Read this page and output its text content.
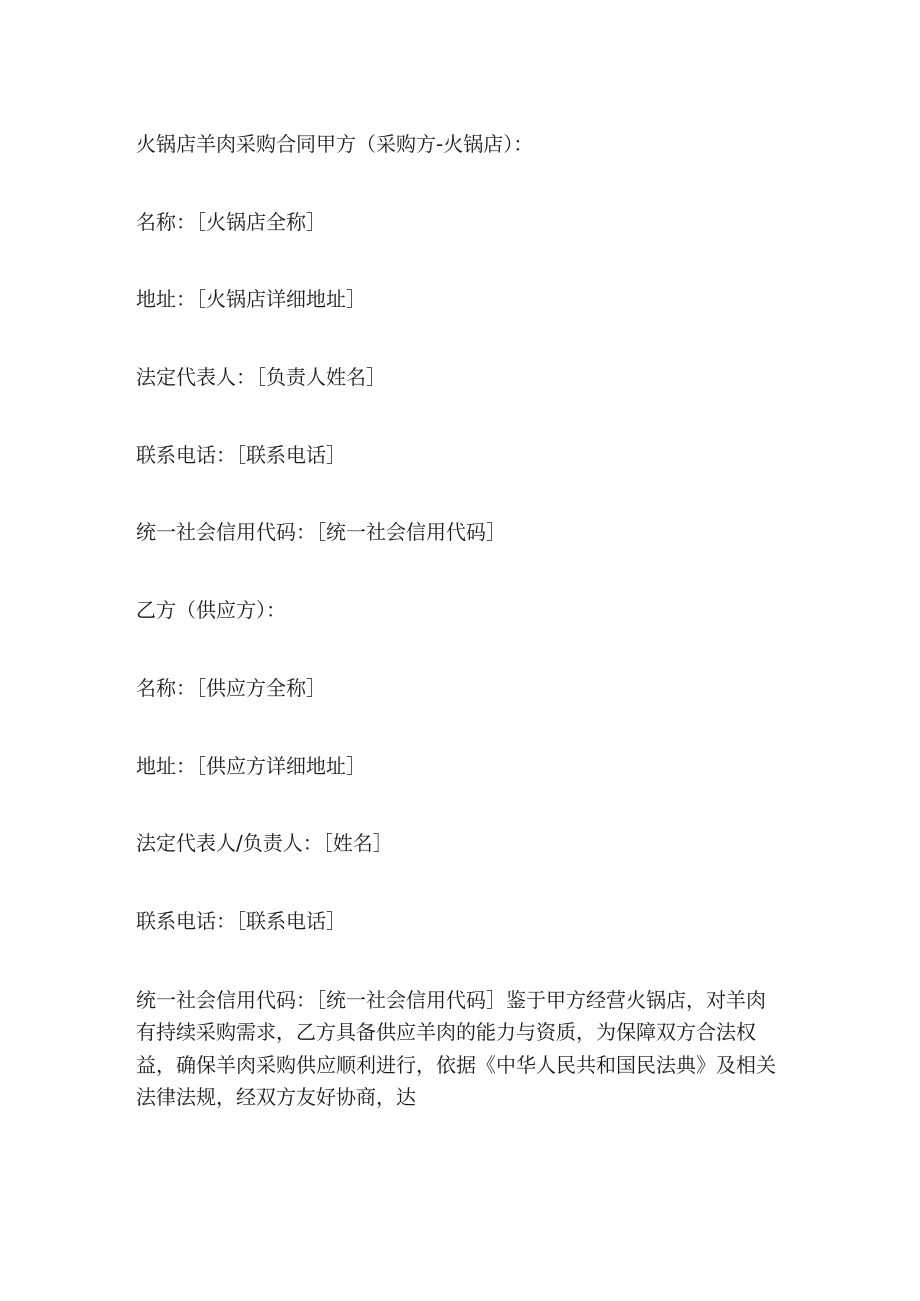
火锅店羊肉采购合同甲方（采购方-火锅店）：
名称：［火锅店全称］
地址：［火锅店详细地址］
法定代表人：［负责人姓名］
联系电话：［联系电话］
统一社会信用代码：［统一社会信用代码］
乙方（供应方）：
名称：［供应方全称］
地址：［供应方详细地址］
法定代表人/负责人：［姓名］
联系电话：［联系电话］

统一社会信用代码：［统一社会信用代码］鉴于甲方经营火锅店，对羊肉有持续采购需求，乙方具备供应羊肉的能力与资质，为保障双方合法权益，确保羊肉采购供应顺利进行，依据《中华人民共和国民法典》及相关法律法规，经双方友好协商，达
